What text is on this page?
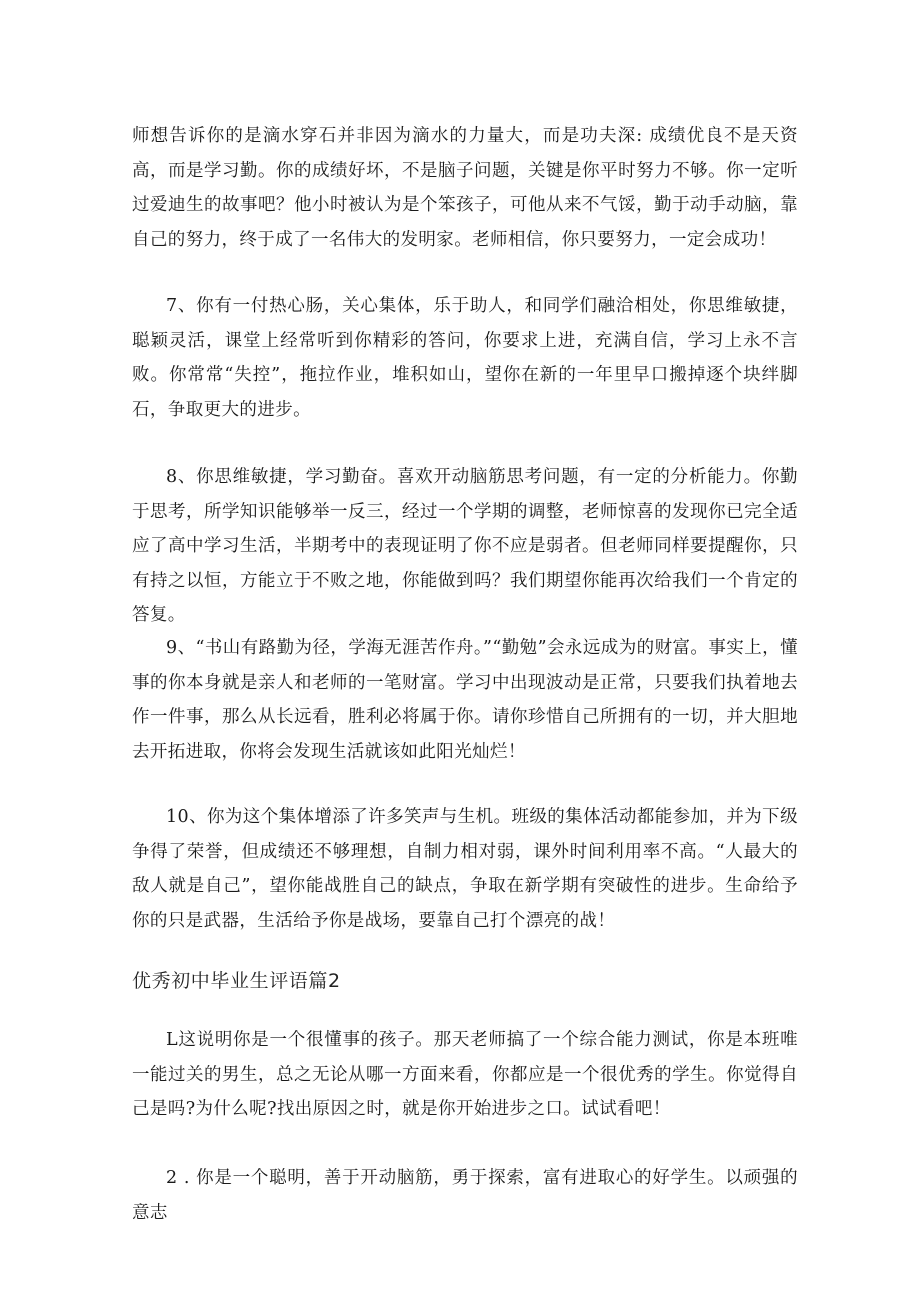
师想告诉你的是滴水穿石并非因为滴水的力量大，而是功夫深: 成绩优良不是天资高，而是学习勤。你的成绩好坏，不是脑子问题，关键是你平时努力不够。你一定听过爱迪生的故事吧？他小时被认为是个笨孩子，可他从来不气馁，勤于动手动脑，靠自己的努力，终于成了一名伟大的发明家。老师相信，你只要努力，一定会成功！

7、你有一付热心肠，关心集体，乐于助人，和同学们融洽相处，你思维敏捷，聪颖灵活，课堂上经常听到你精彩的答问，你要求上进，充满自信，学习上永不言败。你常常“失控”，拖拉作业，堆积如山，望你在新的一年里早口搬掉逐个块绊脚石，争取更大的进步。

8、你思维敏捷，学习勤奋。喜欢开动脑筋思考问题，有一定的分析能力。你勤于思考，所学知识能够举一反三，经过一个学期的调整，老师惊喜的发现你已完全适应了高中学习生活，半期考中的表现证明了你不应是弱者。但老师同样要提醒你，只有持之以恒，方能立于不败之地，你能做到吗？我们期望你能再次给我们一个肯定的答复。

9、“书山有路勤为径，学海无涯苦作舟。”“勤勉”会永远成为的财富。事实上，懂事的你本身就是亲人和老师的一笔财富。学习中出现波动是正常，只要我们执着地去作一件事，那么从长远看，胜利必将属于你。请你珍惜自己所拥有的一切，并大胆地去开拓进取，你将会发现生活就该如此阳光灿烂！

10、你为这个集体增添了许多笑声与生机。班级的集体活动都能参加，并为下级争得了荣誉，但成绩还不够理想，自制力相对弱，课外时间利用率不高。“人最大的敌人就是自己”，望你能战胜自己的缺点，争取在新学期有突破性的进步。生命给予你的只是武器，生活给予你是战场，要靠自己打个漂亮的战！

优秀初中毕业生评语篇2

L这说明你是一个很懂事的孩子。那天老师搞了一个综合能力测试，你是本班唯一能过关的男生，总之无论从哪一方面来看，你都应是一个很优秀的学生。你觉得自己是吗?为什么呢?找出原因之时，就是你开始进步之口。试试看吧！

2 . 你是一个聪明，善于开动脑筋，勇于探索，富有进取心的好学生。以顽强的意志
